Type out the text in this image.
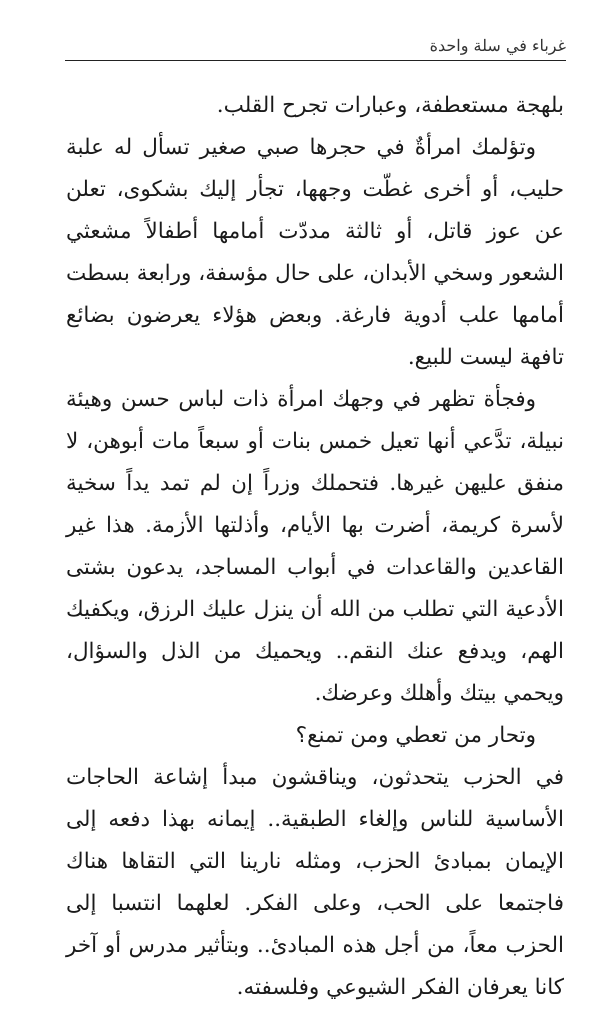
غرباء في سلة واحدة

بلهجة مستعطفة، وعبارات تجرح القلب.

وتؤلمك امرأةٌ في حجرها صبي صغير تسأل له علبة حليب، أو أخرى غطّت وجهها، تجأر إليك بشكوى، تعلن عن عوز قاتل، أو ثالثة مددّت أمامها أطفالاً مشعثي الشعور وسخي الأبدان، على حال مؤسفة، ورابعة بسطت أمامها علب أدوية فارغة. وبعض هؤلاء يعرضون بضائع تافهة ليست للبيع.

وفجأة تظهر في وجهك امرأة ذات لباس حسن وهيئة نبيلة، تدَّعي أنها تعيل خمس بنات أو سبعاً مات أبوهن، لا منفق عليهن غيرها. فتحملك وزراً إن لم تمد يداً سخية لأسرة كريمة، أضرت بها الأيام، وأذلتها الأزمة. هذا غير القاعدين والقاعدات في أبواب المساجد، يدعون بشتى الأدعية التي تطلب من الله أن ينزل عليك الرزق، ويكفيك الهم، ويدفع عنك النقم.. ويحميك من الذل والسؤال، ويحمي بيتك وأهلك وعرضك.

وتحار من تعطي ومن تمنع؟

في الحزب يتحدثون، ويناقشون مبدأ إشاعة الحاجات الأساسية للناس وإلغاء الطبقية.. إيمانه بهذا دفعه إلى الإيمان بمبادئ الحزب، ومثله نارينا التي التقاها هناك فاجتمعا على الحب، وعلى الفكر. لعلهما انتسبا إلى الحزب معاً، من أجل هذه المبادئ.. وبتأثير مدرس أو آخر كانا يعرفان الفكر الشيوعي وفلسفته.
